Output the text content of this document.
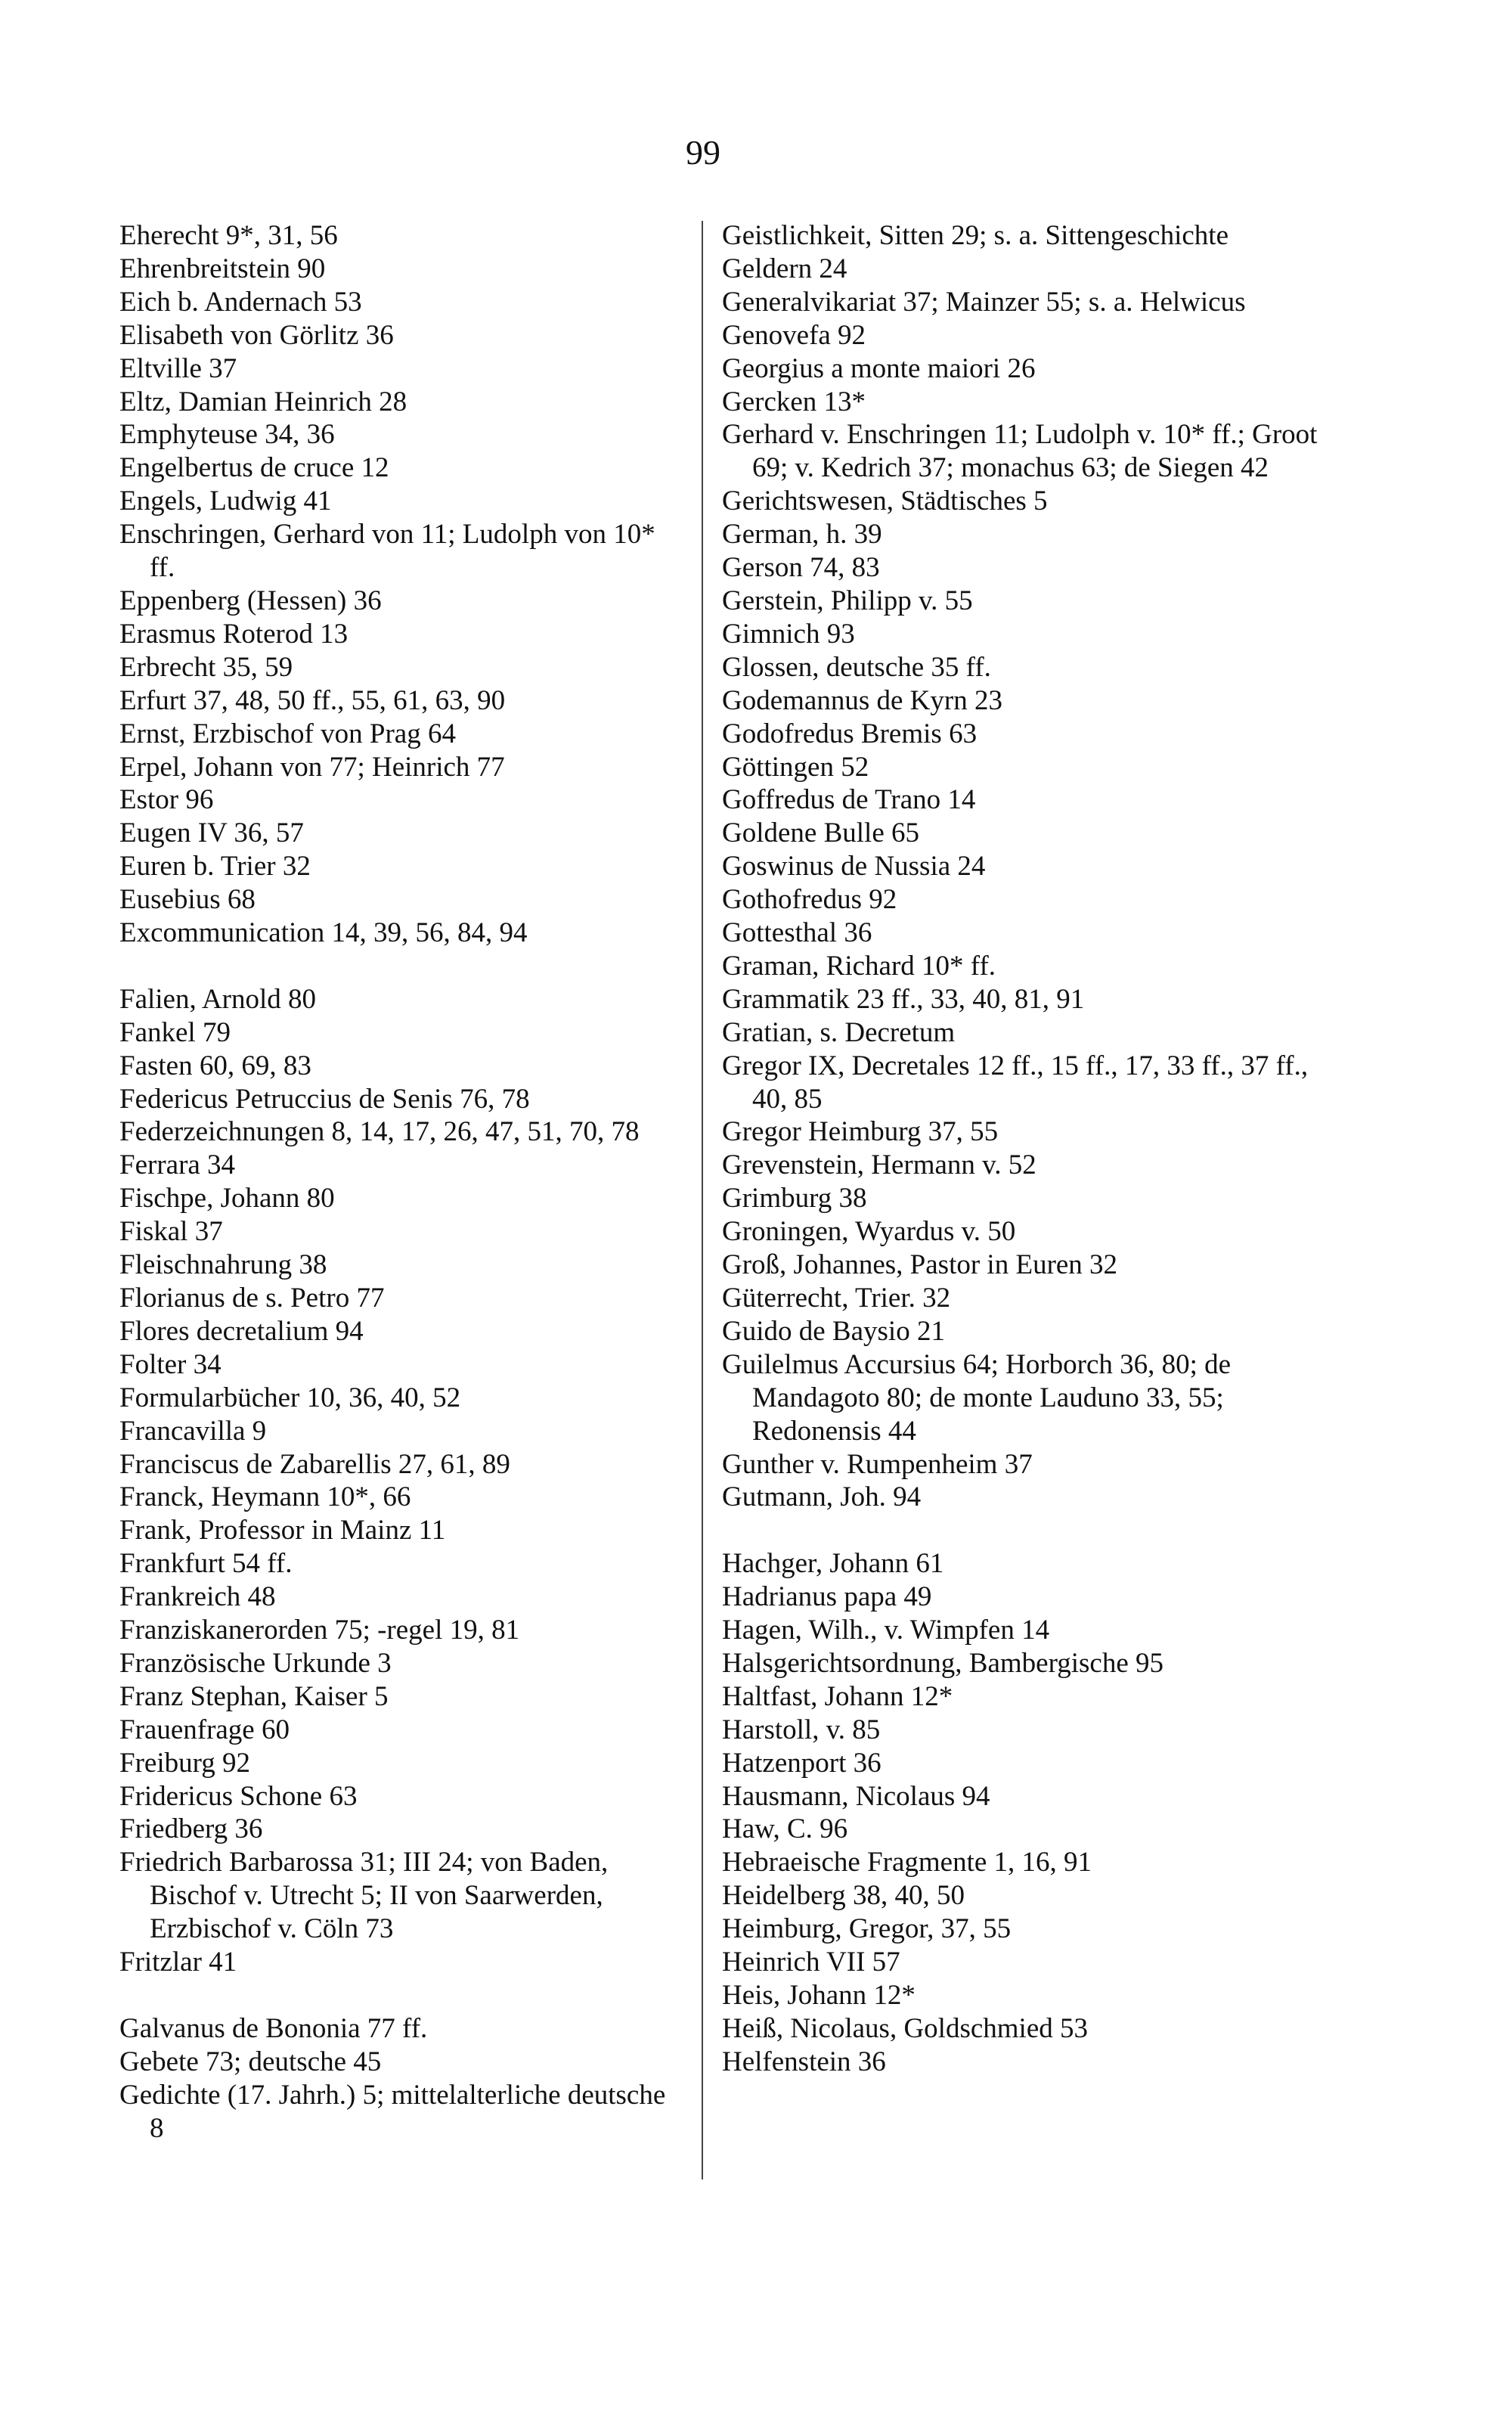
99
Eherecht 9*, 31, 56
Ehrenbreitstein 90
Eich b. Andernach 53
Elisabeth von Görlitz 36
Eltville 37
Eltz, Damian Heinrich 28
Emphyteuse 34, 36
Engelbertus de cruce 12
Engels, Ludwig 41
Enschringen, Gerhard von 11; Ludolph von 10* ff.
Eppenberg (Hessen) 36
Erasmus Roterod 13
Erbrecht 35, 59
Erfurt 37, 48, 50 ff., 55, 61, 63, 90
Ernst, Erzbischof von Prag 64
Erpel, Johann von 77; Heinrich 77
Estor 96
Eugen IV 36, 57
Euren b. Trier 32
Eusebius 68
Excommunication 14, 39, 56, 84, 94
Falien, Arnold 80
Fankel 79
Fasten 60, 69, 83
Federicus Petruccius de Senis 76, 78
Federzeichnungen 8, 14, 17, 26, 47, 51, 70, 78
Ferrara 34
Fischpe, Johann 80
Fiskal 37
Fleischnahrung 38
Florianus de s. Petro 77
Flores decretalium 94
Folter 34
Formularbücher 10, 36, 40, 52
Francavilla 9
Franciscus de Zabarellis 27, 61, 89
Franck, Heymann 10*, 66
Frank, Professor in Mainz 11
Frankfurt 54 ff.
Frankreich 48
Franziskanerorden 75; -regel 19, 81
Französische Urkunde 3
Franz Stephan, Kaiser 5
Frauenfrage 60
Freiburg 92
Fridericus Schone 63
Friedberg 36
Friedrich Barbarossa 31; III 24; von Baden, Bischof v. Utrecht 5; II von Saarwerden, Erzbischof v. Cöln 73
Fritzlar 41
Galvanus de Bononia 77 ff.
Gebete 73; deutsche 45
Gedichte (17. Jahrh.) 5; mittelalterliche deutsche 8
Geistlichkeit, Sitten 29; s. a. Sittengeschichte
Geldern 24
Generalvikariat 37; Mainzer 55; s. a. Helwicus
Genovefa 92
Georgius a monte maiori 26
Gercken 13*
Gerhard v. Enschringen 11; Ludolph v. 10* ff.; Groot 69; v. Kedrich 37; monachus 63; de Siegen 42
Gerichtswesen, Städtisches 5
German, h. 39
Gerson 74, 83
Gerstein, Philipp v. 55
Gimnich 93
Glossen, deutsche 35 ff.
Godemannus de Kyrn 23
Godofredus Bremis 63
Göttingen 52
Goffredus de Trano 14
Goldene Bulle 65
Goswinus de Nussia 24
Gothofredus 92
Gottesthal 36
Graman, Richard 10* ff.
Grammatik 23 ff., 33, 40, 81, 91
Gratian, s. Decretum
Gregor IX, Decretales 12 ff., 15 ff., 17, 33 ff., 37 ff., 40, 85
Gregor Heimburg 37, 55
Grevenstein, Hermann v. 52
Grimburg 38
Groningen, Wyardus v. 50
Groß, Johannes, Pastor in Euren 32
Güterrecht, Trier. 32
Guido de Baysio 21
Guilelmus Accursius 64; Horborch 36, 80; de Mandagoto 80; de monte Lauduno 33, 55; Redonensis 44
Gunther v. Rumpenheim 37
Gutmann, Joh. 94
Hachger, Johann 61
Hadrianus papa 49
Hagen, Wilh., v. Wimpfen 14
Halsgerichtsordnung, Bambergische 95
Haltfast, Johann 12*
Harstoll, v. 85
Hatzenport 36
Hausmann, Nicolaus 94
Haw, C. 96
Hebraeische Fragmente 1, 16, 91
Heidelberg 38, 40, 50
Heimburg, Gregor, 37, 55
Heinrich VII 57
Heis, Johann 12*
Heiß, Nicolaus, Goldschmied 53
Helfenstein 36
